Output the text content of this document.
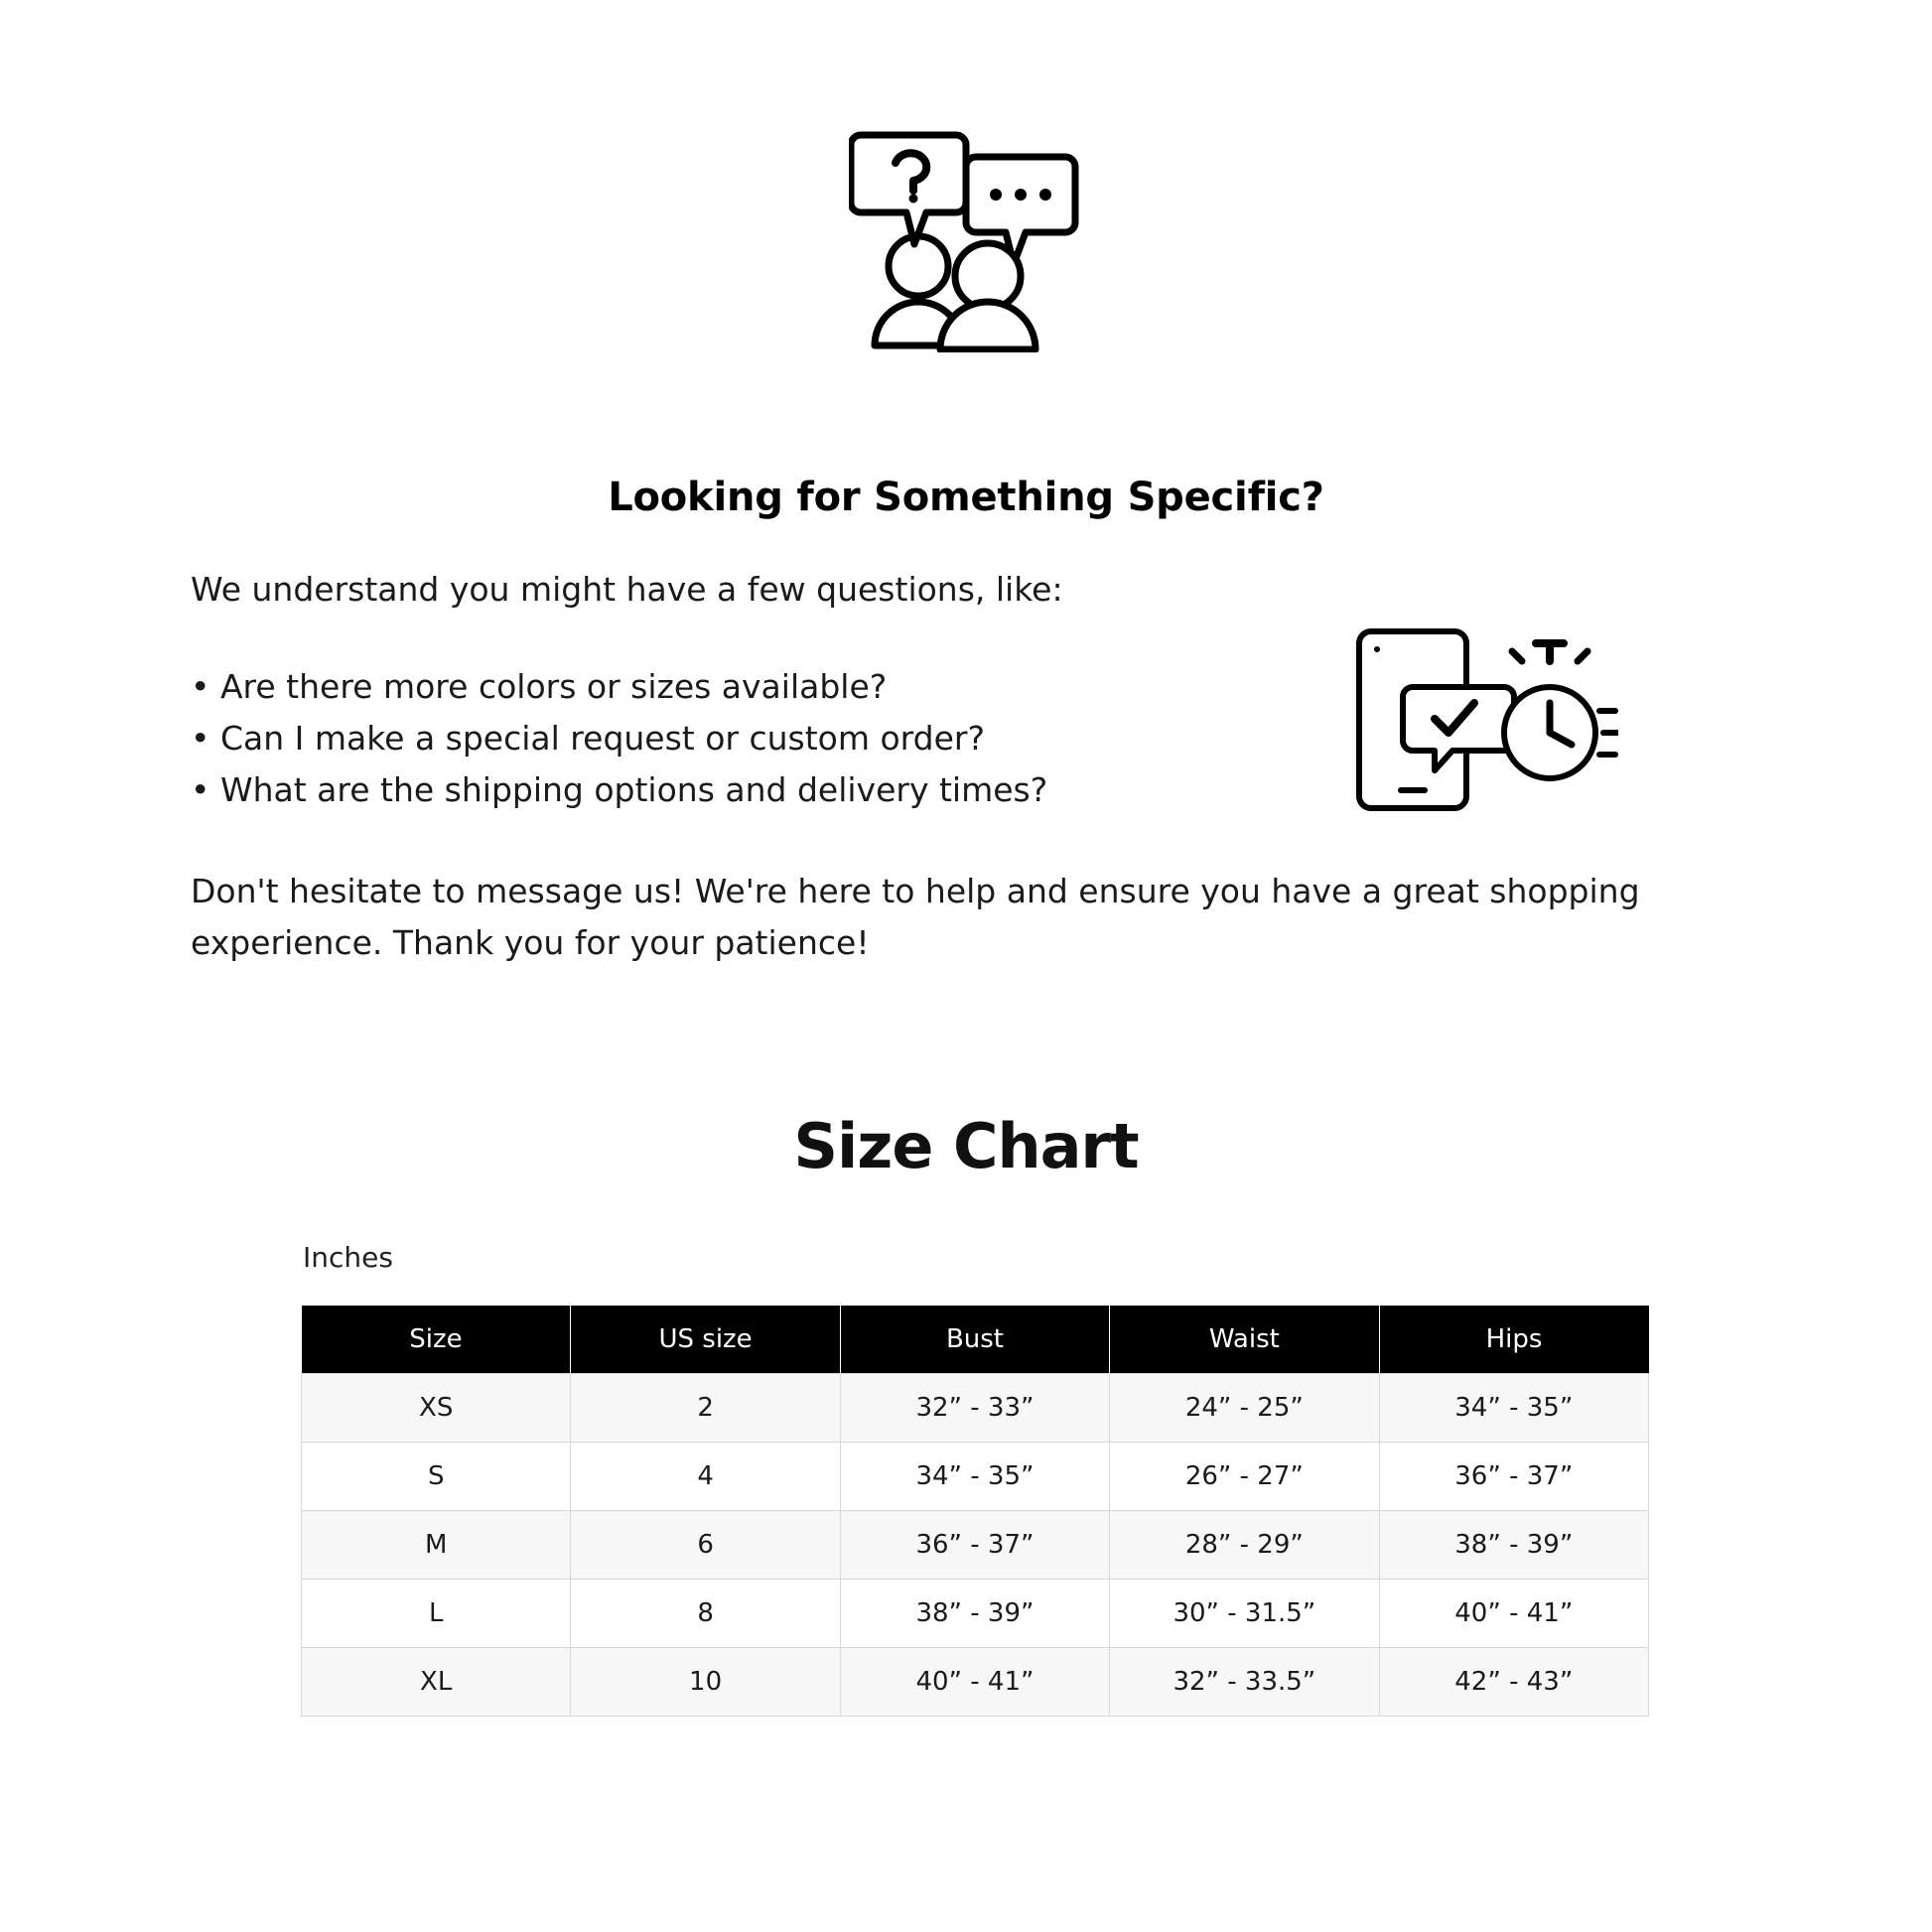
Looking for Something Specific?

We understand you might have a few questions, like:

• Are there more colors or sizes available?
• Can I make a special request or custom order?
• What are the shipping options and delivery times?

Don't hesitate to message us! We're here to help and ensure you have a great shopping experience. Thank you for your patience!

Size Chart
Inches
Size	US size	Bust	Waist	Hips
XS	2	32” - 33”	24” - 25”	34” - 35”
S	4	34” - 35”	26” - 27”	36” - 37”
M	6	36” - 37”	28” - 29”	38” - 39”
L	8	38” - 39”	30” - 31.5”	40” - 41”
XL	10	40” - 41”	32” - 33.5”	42” - 43”
